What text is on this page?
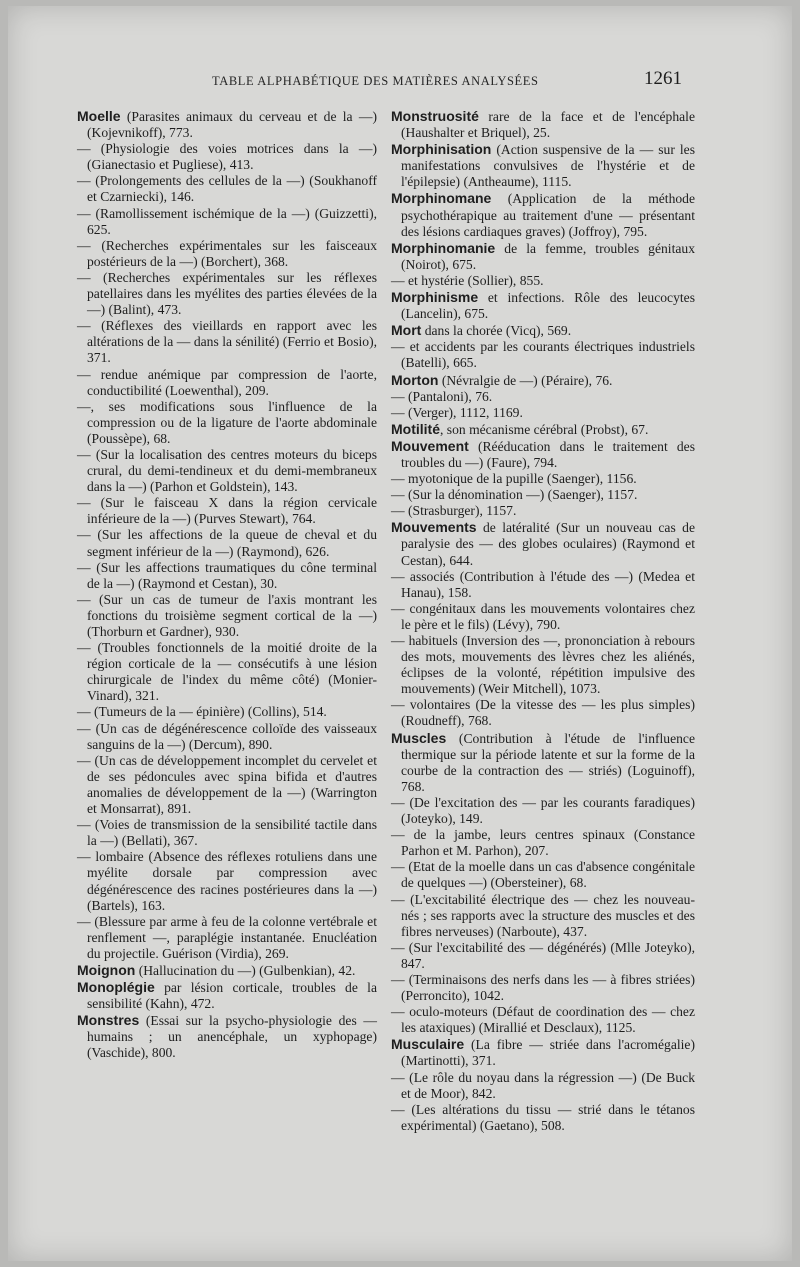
TABLE ALPHABÉTIQUE DES MATIÈRES ANALYSÉES	1261

Moelle (Parasites animaux du cerveau et de la —) (Kojevnikoff), 773.

— (Physiologie des voies motrices dans la —) (Gianectasio et Pugliese), 413.

— (Prolongements des cellules de la —) (Soukhanoff et Czarniecki), 146.

— (Ramollissement ischémique de la —) (Guizzetti), 625.

— (Recherches expérimentales sur les faisceaux postérieurs de la —) (Borchert), 368.

— (Recherches expérimentales sur les réflexes patellaires dans les myélites des parties élevées de la —) (Balint), 473.

— (Réflexes des vieillards en rapport avec les altérations de la — dans la sénilité) (Ferrio et Bosio), 371.

— rendue anémique par compression de l'aorte, conductibilité (Loewenthal), 209.

—, ses modifications sous l'influence de la compression ou de la ligature de l'aorte abdominale (Poussèpe), 68.

— (Sur la localisation des centres moteurs du biceps crural, du demi-tendineux et du demi-membraneux dans la —) (Parhon et Goldstein), 143.

— (Sur le faisceau X dans la région cervicale inférieure de la —) (Purves Stewart), 764.

— (Sur les affections de la queue de cheval et du segment inférieur de la —) (Raymond), 626.

— (Sur les affections traumatiques du cône terminal de la —) (Raymond et Cestan), 30.

— (Sur un cas de tumeur de l'axis montrant les fonctions du troisième segment cortical de la —) (Thorburn et Gardner), 930.

— (Troubles fonctionnels de la moitié droite de la région corticale de la — consécutifs à une lésion chirurgicale de l'index du même côté) (Monier-Vinard), 321.

— (Tumeurs de la — épinière) (Collins), 514.

— (Un cas de dégénérescence colloïde des vaisseaux sanguins de la —) (Dercum), 890.

— (Un cas de développement incomplet du cervelet et de ses pédoncules avec spina bifida et d'autres anomalies de développement de la —) (Warrington et Monsarrat), 891.

— (Voies de transmission de la sensibilité tactile dans la —) (Bellati), 367.

— lombaire (Absence des réflexes rotuliens dans une myélite dorsale par compression avec dégénérescence des racines postérieures dans la —) (Bartels), 163.

— (Blessure par arme à feu de la colonne vertébrale et renflement —, paraplégie instantanée. Enucléation du projectile. Guérison (Virdia), 269.

Moignon (Hallucination du —) (Gulbenkian), 42.

Monoplégie par lésion corticale, troubles de la sensibilité (Kahn), 472.

Monstres (Essai sur la psycho-physiologie des — humains ; un anencéphale, un xyphopage) (Vaschide), 800.

Monstruosité rare de la face et de l'encéphale (Haushalter et Briquel), 25.

Morphinisation (Action suspensive de la — sur les manifestations convulsives de l'hystérie et de l'épilepsie) (Antheaume), 1115.

Morphinomane (Application de la méthode psychothérapique au traitement d'une — présentant des lésions cardiaques graves) (Joffroy), 795.

Morphinomanie de la femme, troubles génitaux (Noirot), 675.

— et hystérie (Sollier), 855.

Morphinisme et infections. Rôle des leucocytes (Lancelin), 675.

Mort dans la chorée (Vicq), 569.

— et accidents par les courants électriques industriels (Batelli), 665.

Morton (Névralgie de —) (Péraire), 76.

— (Pantaloni), 76.

— (Verger), 1112, 1169.

Motilité, son mécanisme cérébral (Probst), 67.

Mouvement (Rééducation dans le traitement des troubles du —) (Faure), 794.

— myotonique de la pupille (Saenger), 1156.

— (Sur la dénomination —) (Saenger), 1157.

— (Strasburger), 1157.

Mouvements de latéralité (Sur un nouveau cas de paralysie des — des globes oculaires) (Raymond et Cestan), 644.

— associés (Contribution à l'étude des —) (Medea et Hanau), 158.

— congénitaux dans les mouvements volontaires chez le père et le fils) (Lévy), 790.

— habituels (Inversion des —, prononciation à rebours des mots, mouvements des lèvres chez les aliénés, éclipses de la volonté, répétition impulsive des mouvements) (Weir Mitchell), 1073.

— volontaires (De la vitesse des — les plus simples) (Roudneff), 768.

Muscles (Contribution à l'étude de l'influence thermique sur la période latente et sur la forme de la courbe de la contraction des — striés) (Loguinoff), 768.

— (De l'excitation des — par les courants faradiques) (Joteyko), 149.

— de la jambe, leurs centres spinaux (Constance Parhon et M. Parhon), 207.

— (Etat de la moelle dans un cas d'absence congénitale de quelques —) (Obersteiner), 68.

— (L'excitabilité électrique des — chez les nouveau-nés ; ses rapports avec la structure des muscles et des fibres nerveuses) (Narboute), 437.

— (Sur l'excitabilité des — dégénérés) (Mlle Joteyko), 847.

— (Terminaisons des nerfs dans les — à fibres striées) (Perroncito), 1042.

— oculo-moteurs (Défaut de coordination des — chez les ataxiques) (Mirallié et Desclaux), 1125.

Musculaire (La fibre — striée dans l'acromégalie) (Martinotti), 371.

— (Le rôle du noyau dans la régression —) (De Buck et de Moor), 842.

— (Les altérations du tissu — strié dans le tétanos expérimental) (Gaetano), 508.
